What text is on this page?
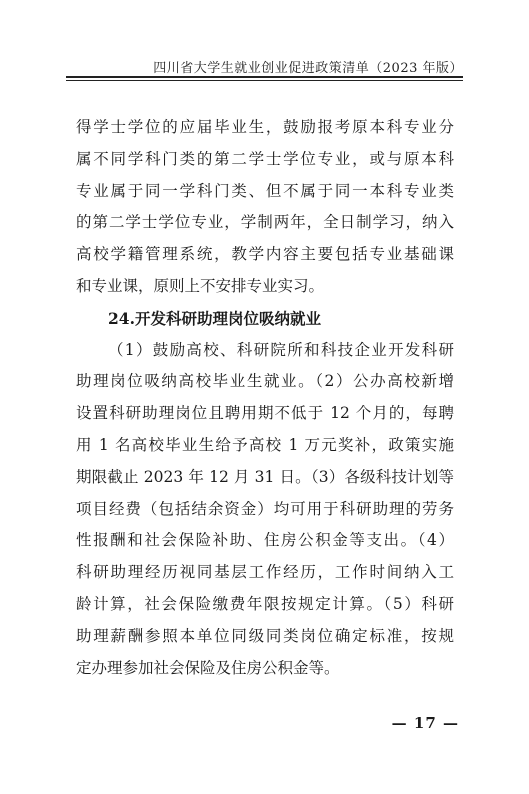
四川省大学生就业创业促进政策清单（2023 年版）
得学士学位的应届毕业生，鼓励报考原本科专业分
属不同学科门类的第二学士学位专业，或与原本科
专业属于同一学科门类、但不属于同一本科专业类
的第二学士学位专业，学制两年，全日制学习，纳入
高校学籍管理系统，教学内容主要包括专业基础课
和专业课，原则上不安排专业实习。
24.开发科研助理岗位吸纳就业
（1）鼓励高校、科研院所和科技企业开发科研
助理岗位吸纳高校毕业生就业。（2）公办高校新增
设置科研助理岗位且聘用期不低于 12 个月的，每聘
用 1 名高校毕业生给予高校 1 万元奖补，政策实施
期限截止 2023 年 12 月 31 日。（3）各级科技计划等
项目经费（包括结余资金）均可用于科研助理的劳务
性报酬和社会保险补助、住房公积金等支出。（4）
科研助理经历视同基层工作经历，工作时间纳入工
龄计算，社会保险缴费年限按规定计算。（5）科研
助理薪酬参照本单位同级同类岗位确定标准，按规
定办理参加社会保险及住房公积金等。
— 17 —
